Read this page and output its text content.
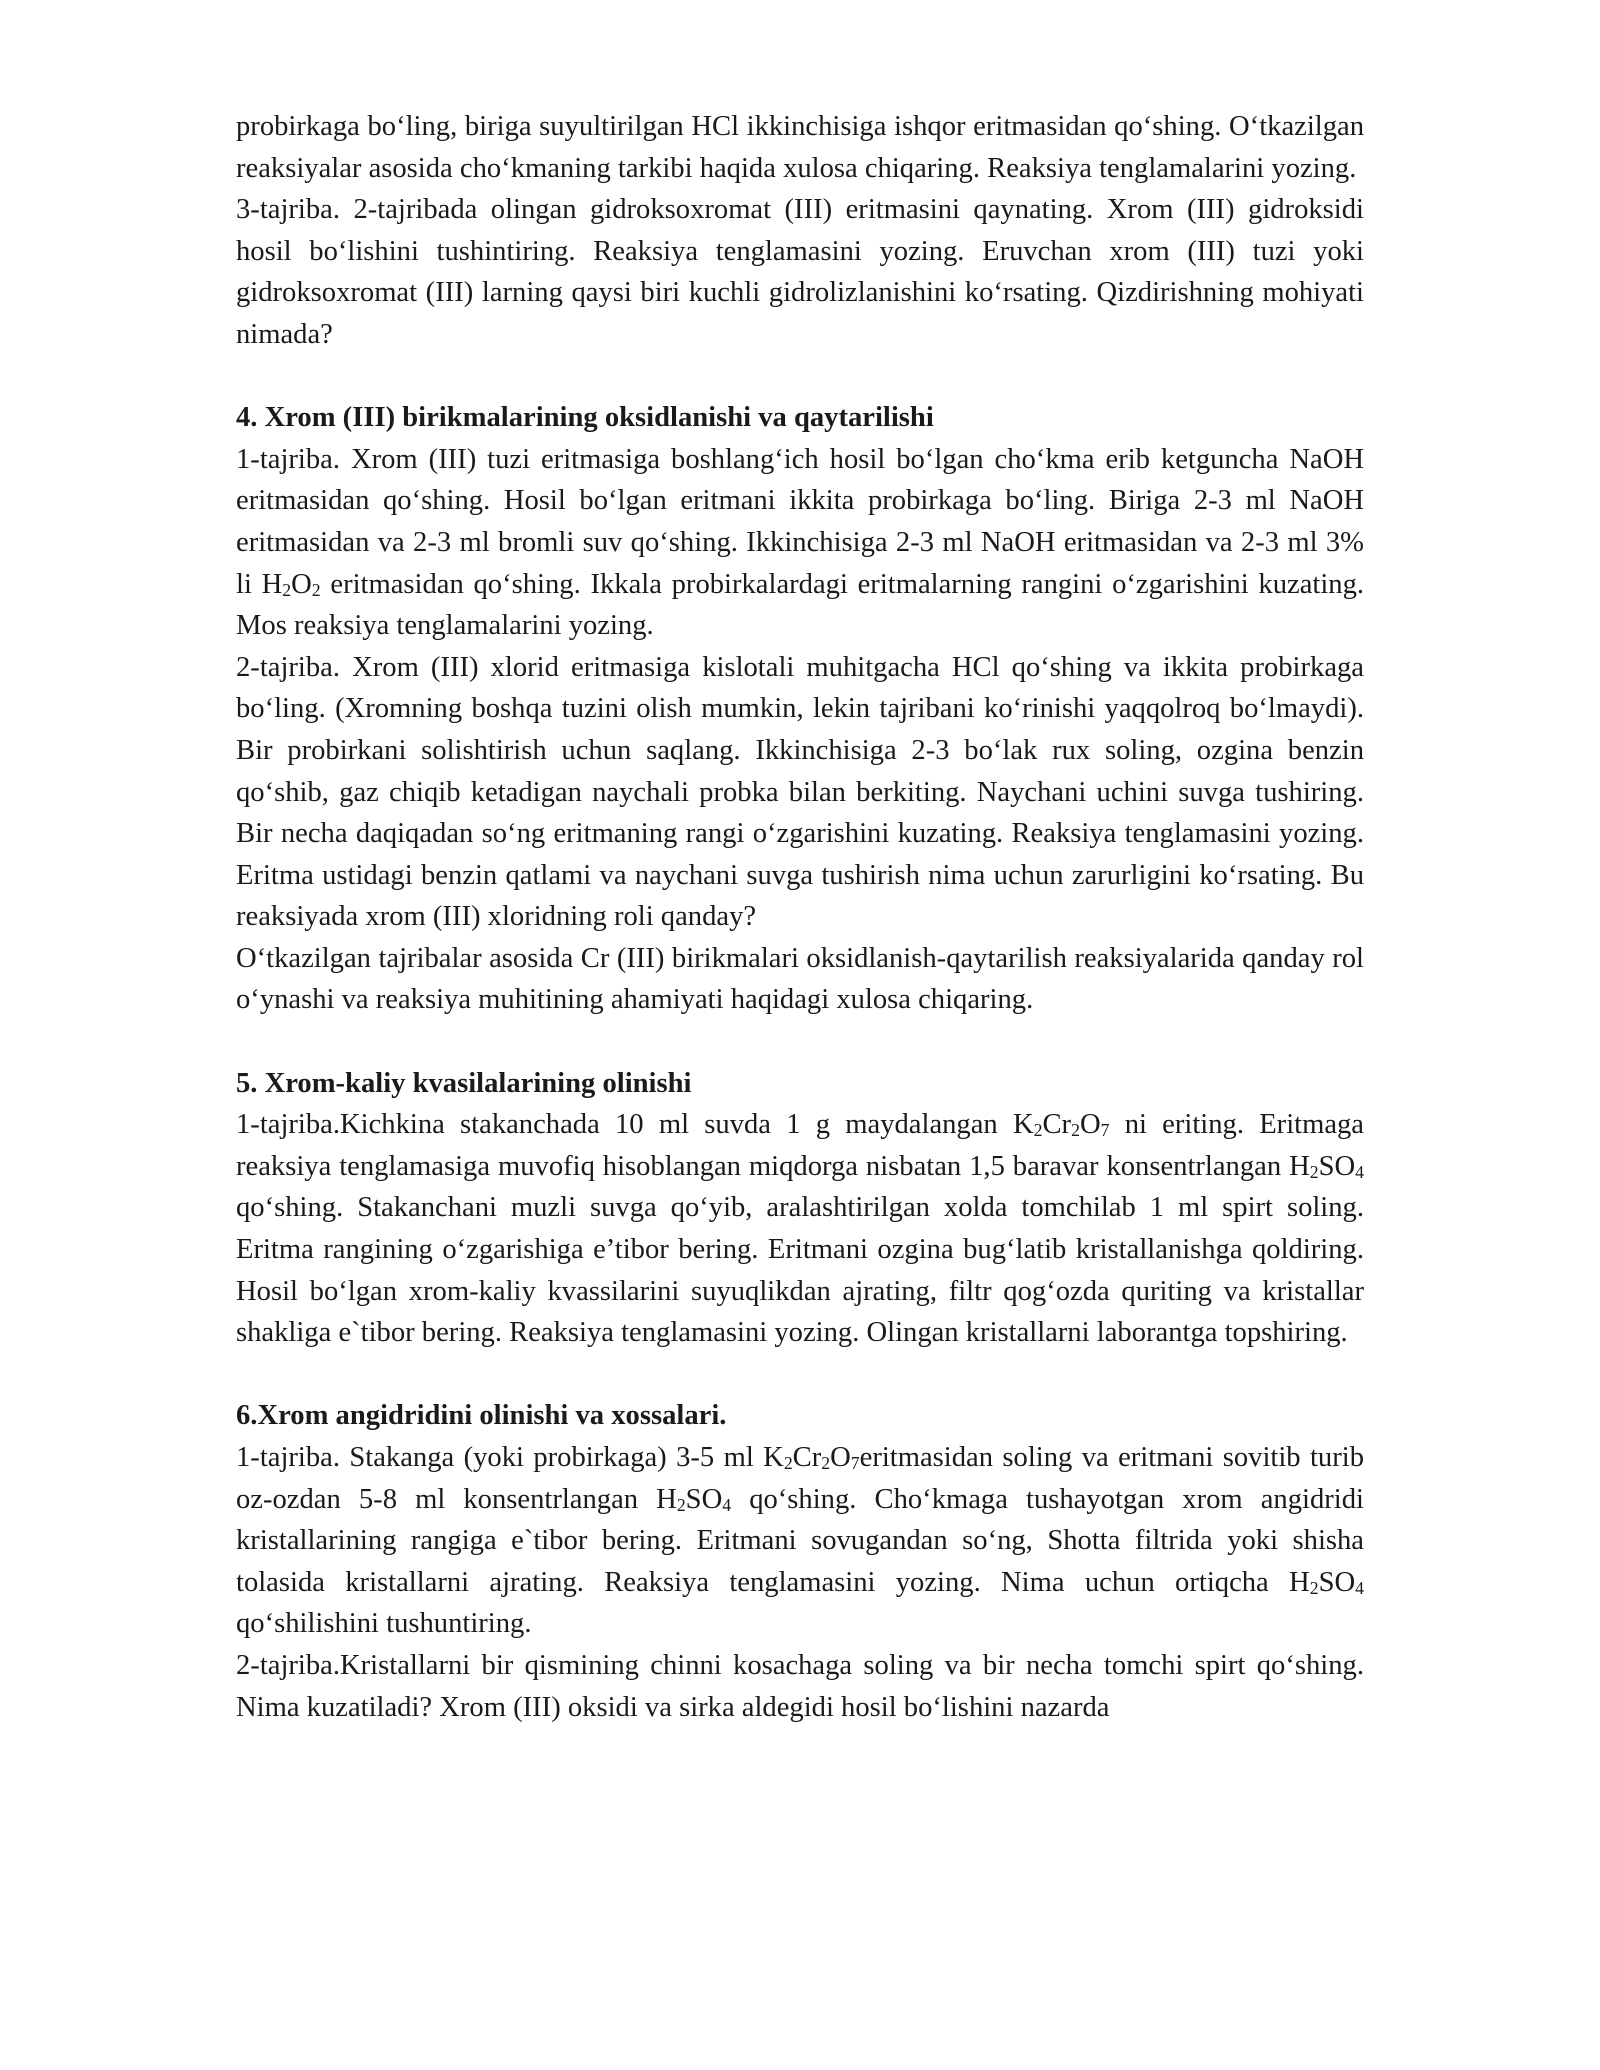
probirkaga bo‘ling, biriga suyultirilgan HCl ikkinchisiga ishqor eritmasidan qo‘shing. O‘tkazilgan reaksiyalar asosida cho‘kmaning tarkibi haqida xulosa chiqaring. Reaksiya tenglamalarini yozing.

3-tajriba. 2-tajribada olingan gidroksoxromat (III) eritmasini qaynating. Xrom (III) gidroksidi hosil bo‘lishini tushintiring. Reaksiya tenglamasini yozing. Eruvchan xrom (III) tuzi yoki gidroksoxromat (III) larning qaysi biri kuchli gidrolizlanishini ko‘rsating. Qizdirishning mohiyati nimada?

4. Xrom (III) birikmalarining oksidlanishi va qaytarilishi

1-tajriba. Xrom (III) tuzi eritmasiga boshlang‘ich hosil bo‘lgan cho‘kma erib ketguncha NaOH eritmasidan qo‘shing. Hosil bo‘lgan eritmani ikkita probirkaga bo‘ling. Biriga 2-3 ml NaOH eritmasidan va 2-3 ml bromli suv qo‘shing. Ikkinchisiga 2-3 ml NaOH eritmasidan va 2-3 ml 3% li $H_2O_2$ eritmasidan qo‘shing. Ikkala probirkalardagi eritmalarning rangini o‘zgarishini kuzating. Mos reaksiya tenglamalarini yozing.

2-tajriba. Xrom (III) xlorid eritmasiga kislotali muhitgacha HCl qo‘shing va ikkita probirkaga bo‘ling. (Xromning boshqa tuzini olish mumkin, lekin tajribani ko‘rinishi yaqqolroq bo‘lmaydi). Bir probirkani solishtirish uchun saqlang. Ikkinchisiga 2-3 bo‘lak rux soling, ozgina benzin qo‘shib, gaz chiqib ketadigan naychali probka bilan berkiting. Naychani uchini suvga tushiring. Bir necha daqiqadan so‘ng eritmaning rangi o‘zgarishini kuzating. Reaksiya tenglamasini yozing. Eritma ustidagi benzin qatlami va naychani suvga tushirish nima uchun zarurligini ko‘rsating. Bu reaksiyada xrom (III) xloridning roli qanday?

O‘tkazilgan tajribalar asosida Cr (III) birikmalari oksidlanish-qaytarilish reaksiyalarida qanday rol o‘ynashi va reaksiya muhitining ahamiyati haqidagi xulosa chiqaring.

5. Xrom-kaliy kvasilalarining olinishi

1-tajriba.Kichkina stakanchada 10 ml suvda 1 g maydalangan $K_2Cr_2O_7$ ni eriting. Eritmaga reaksiya tenglamasiga muvofiq hisoblangan miqdorga nisbatan 1,5 baravar konsentrlangan $H_2SO_4$ qo‘shing. Stakanchani muzli suvga qo‘yib, aralashtirilgan xolda tomchilab 1 ml spirt soling. Eritma rangining o‘zgarishiga e’tibor bering. Eritmani ozgina bug‘latib kristallanishga qoldiring. Hosil bo‘lgan xrom-kaliy kvassilarini suyuqlikdan ajrating, filtr qog‘ozda quriting va kristallar shakliga e`tibor bering. Reaksiya tenglamasini yozing. Olingan kristallarni laborantga topshiring.

6.Xrom angidridini olinishi va xossalari.

1-tajriba. Stakanga (yoki probirkaga) 3-5 ml $K_2Cr_2O_7eritmasidan$ soling va eritmani sovitib turib oz-ozdan 5-8 ml konsentrlangan $H_2SO_4$ qo‘shing. Cho‘kmaga tushayotgan xrom angidridi kristallarining rangiga e`tibor bering. Eritmani sovugandan so‘ng, Shotta filtrida yoki shisha tolasida kristallarni ajrating. Reaksiya tenglamasini yozing. Nima uchun ortiqcha $H_2SO_4$ qo‘shilishini tushuntiring.

2-tajriba.Kristallarni bir qismining chinni kosachaga soling va bir necha tomchi spirt qo‘shing. Nima kuzatiladi? Xrom (III) oksidi va sirka aldegidi hosil bo‘lishini nazarda
